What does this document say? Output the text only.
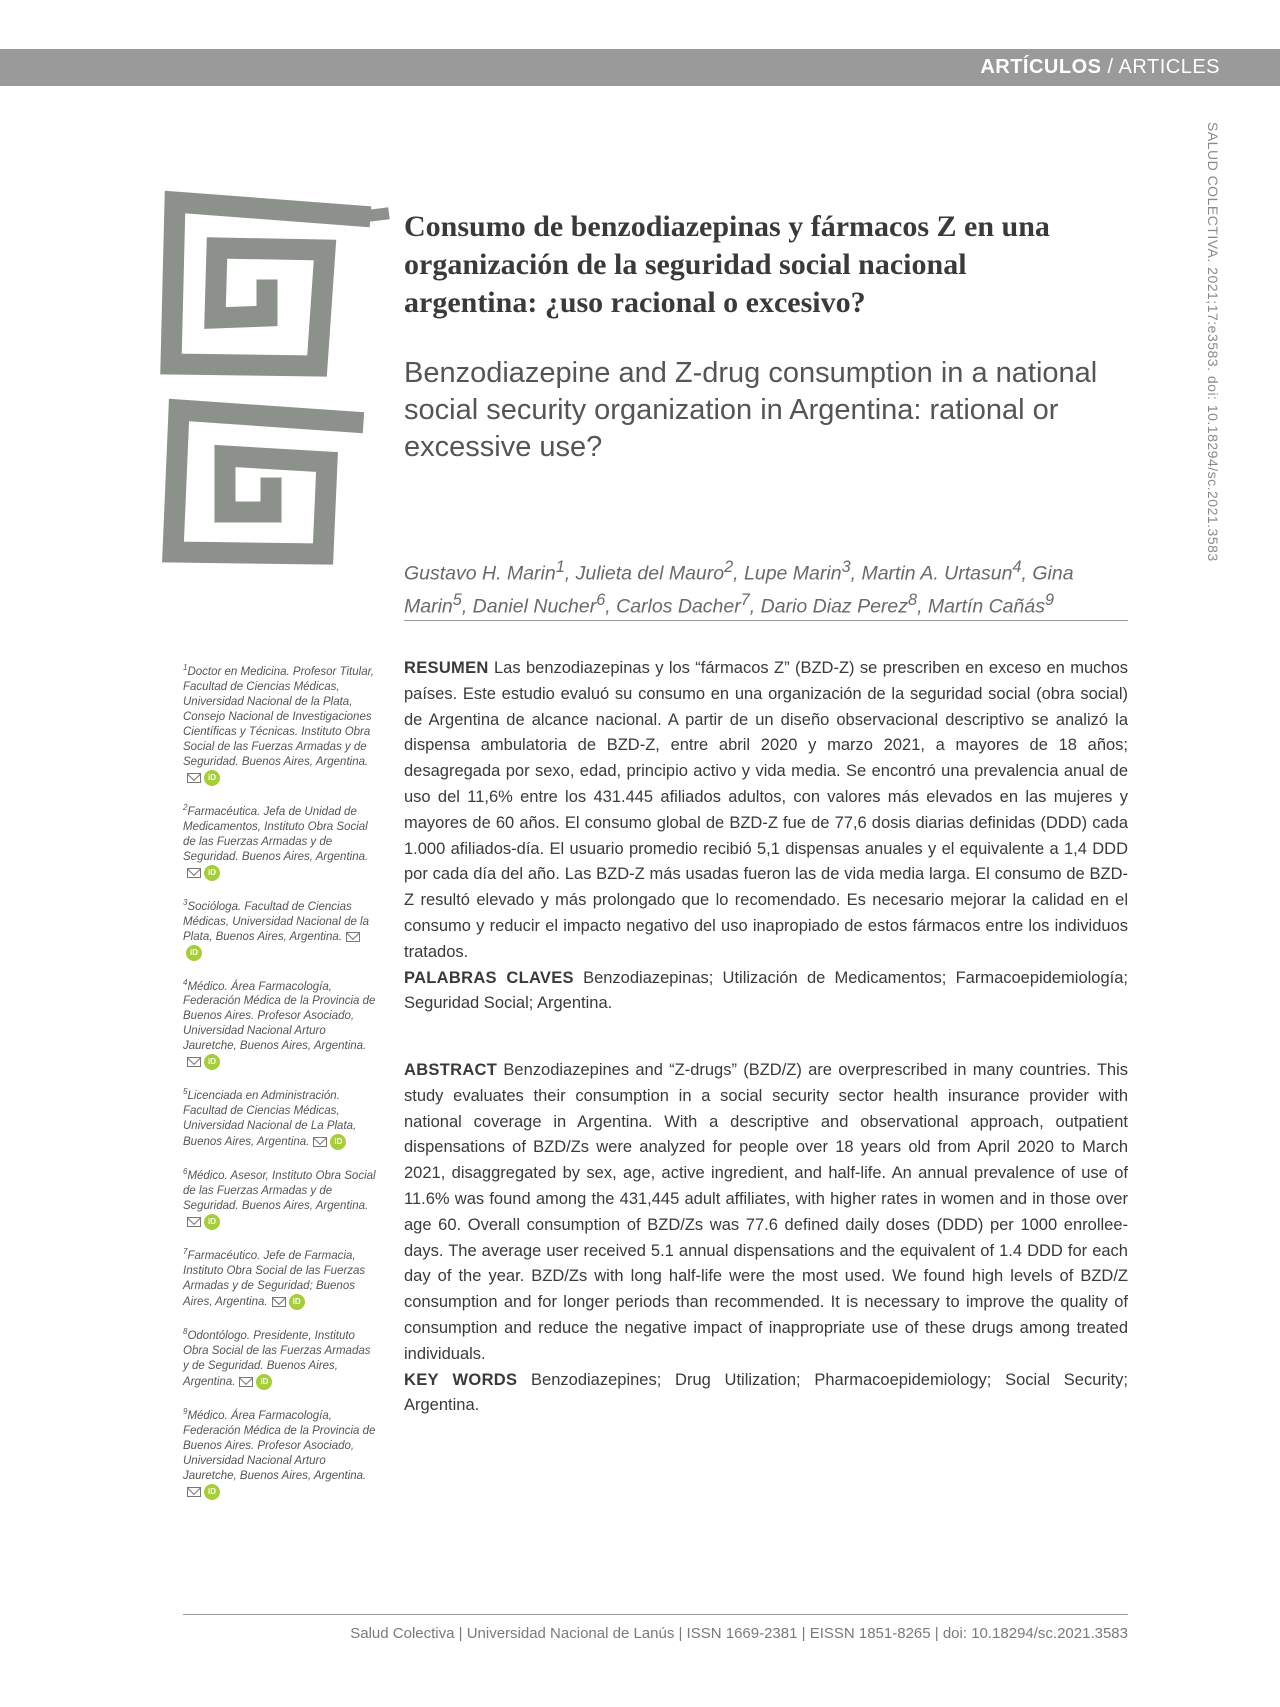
ARTÍCULOS / ARTICLES
SALUD COLECTIVA. 2021;17:e3583. doi: 10.18294/sc.2021.3583
Consumo de benzodiazepinas y fármacos Z en una organización de la seguridad social nacional argentina: ¿uso racional o excesivo?
Benzodiazepine and Z-drug consumption in a national social security organization in Argentina: rational or excessive use?
Gustavo H. Marin$^1$, Julieta del Mauro$^2$, Lupe Marin$^3$, Martin A. Urtasun$^4$, Gina Marin$^5$, Daniel Nucher$^6$, Carlos Dacher$^7$, Dario Diaz Perez$^8$, Martín Cañás$^9$

$^1$Doctor en Medicina. Profesor Titular, Facultad de Ciencias Médicas, Universidad Nacional de la Plata, Consejo Nacional de Investigaciones Científicas y Técnicas. Instituto Obra Social de las Fuerzas Armadas y de Seguridad. Buenos Aires, Argentina.iD

$^2$Farmacéutica. Jefa de Unidad de Medicamentos, Instituto Obra Social de las Fuerzas Armadas y de Seguridad. Buenos Aires, Argentina.iD

$^3$Socióloga. Facultad de Ciencias Médicas, Universidad Nacional de la Plata, Buenos Aires, Argentina.iD

$^4$Médico. Área Farmacología, Federación Médica de la Provincia de Buenos Aires. Profesor Asociado, Universidad Nacional Arturo Jauretche, Buenos Aires, Argentina.iD

$^5$Licenciada en Administración. Facultad de Ciencias Médicas, Universidad Nacional de La Plata, Buenos Aires, Argentina.	iD

$^6$Médico. Asesor, Instituto Obra Social de las Fuerzas Armadas y de Seguridad. Buenos Aires, Argentina.iD

$^7$Farmacéutico. Jefe de Farmacia, Instituto Obra Social de las Fuerzas Armadas y de Seguridad; Buenos Aires, Argentina.	iD

$^8$Odontólogo. Presidente, Instituto Obra Social de las Fuerzas Armadas y de Seguridad. Buenos Aires, Argentina.	iD

$^9$Médico. Área Farmacología, Federación Médica de la Provincia de Buenos Aires. Profesor Asociado, Universidad Nacional Arturo Jauretche, Buenos Aires, Argentina.iD

RESUMEN Las benzodiazepinas y los “fármacos Z” (BZD-Z) se prescriben en exceso en muchos países. Este estudio evaluó su consumo en una organización de la seguridad social (obra social) de Argentina de alcance nacional. A partir de un diseño observacional descriptivo se analizó la dispensa ambulatoria de BZD-Z, entre abril 2020 y marzo 2021, a mayores de 18 años; desagregada por sexo, edad, principio activo y vida media. Se encontró una prevalencia anual de uso del 11,6% entre los 431.445 afiliados adultos, con valores más elevados en las mujeres y mayores de 60 años. El consumo global de BZD-Z fue de 77,6 dosis diarias definidas (DDD) cada 1.000 afiliados-día. El usuario promedio recibió 5,1 dispensas anuales y el equivalente a 1,4 DDD por cada día del año. Las BZD-Z más usadas fueron las de vida media larga. El consumo de BZD-Z resultó elevado y más prolongado que lo recomendado. Es necesario mejorar la calidad en el consumo y reducir el impacto negativo del uso inapropiado de estos fármacos entre los individuos tratados.
PALABRAS CLAVES Benzodiazepinas; Utilización de Medicamentos; Farmacoepidemiología; Seguridad Social; Argentina.

ABSTRACT Benzodiazepines and “Z-drugs” (BZD/Z) are overprescribed in many countries. This study evaluates their consumption in a social security sector health insurance provider with national coverage in Argentina. With a descriptive and observational approach, outpatient dispensations of BZD/Zs were analyzed for people over 18 years old from April 2020 to March 2021, disaggregated by sex, age, active ingredient, and half-life. An annual prevalence of use of 11.6% was found among the 431,445 adult affiliates, with higher rates in women and in those over age 60. Overall consumption of BZD/Zs was 77.6 defined daily doses (DDD) per 1000 enrollee-days. The average user received 5.1 annual dispensations and the equivalent of 1.4 DDD for each day of the year. BZD/Zs with long half-life were the most used. We found high levels of BZD/Z consumption and for longer periods than recommended. It is necessary to improve the quality of consumption and reduce the negative impact of inappropriate use of these drugs among treated individuals.
KEY WORDS Benzodiazepines; Drug Utilization; Pharmacoepidemiology; Social Security; Argentina.

Salud Colectiva | Universidad Nacional de Lanús | ISSN 1669-2381 | EISSN 1851-8265 | doi: 10.18294/sc.2021.3583
